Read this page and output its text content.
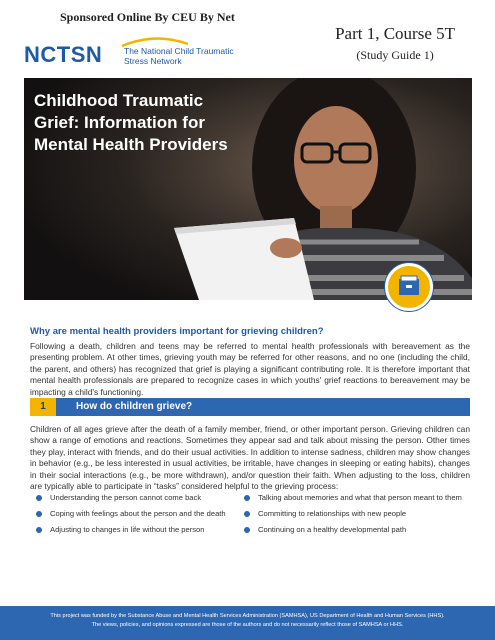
Sponsored Online By CEU By Net
NCTSN	The National Child Traumatic Stress Network
Part 1, Course 5T
(Study Guide 1)
Childhood Traumatic Grief: Information for Mental Health Providers
Why are mental health providers important for grieving children?
Following a death, children and teens may be referred to mental health professionals with bereavement as the presenting problem. At other times, grieving youth may be referred for other reasons, and no one (including the child, the parent, and others) has recognized that grief is playing a significant contributing role. It is therefore important that mental health professionals are prepared to recognize cases in which youths' grief reactions to bereavement may be impacting a child's functioning.
1	How do children grieve?
Children of all ages grieve after the death of a family member, friend, or other important person. Grieving children can show a range of emotions and reactions. Sometimes they appear sad and talk about missing the person. Other times they play, interact with friends, and do their usual activities. In addition to intense sadness, children may show changes in behavior (e.g., be less interested in usual activities, be irritable, have changes in sleeping or eating habits), changes in their social interactions (e.g., be more withdrawn), and/or question their faith. When adjusting to the loss, children are typically able to participate in “tasks” considered helpful to the grieving process:
Understanding the person cannot come back
Coping with feelings about the person and the death
Adjusting to changes in life without the person
Talking about memories and what that person meant to them
Committing to relationships with new people
Continuing on a healthy developmental path
This project was funded by the Substance Abuse and Mental Health Services Administration (SAMHSA), US Department of Health and Human Services (HHS).
The views, policies, and opinions expressed are those of the authors and do not necessarily reflect those of SAMHSA or HHS.
